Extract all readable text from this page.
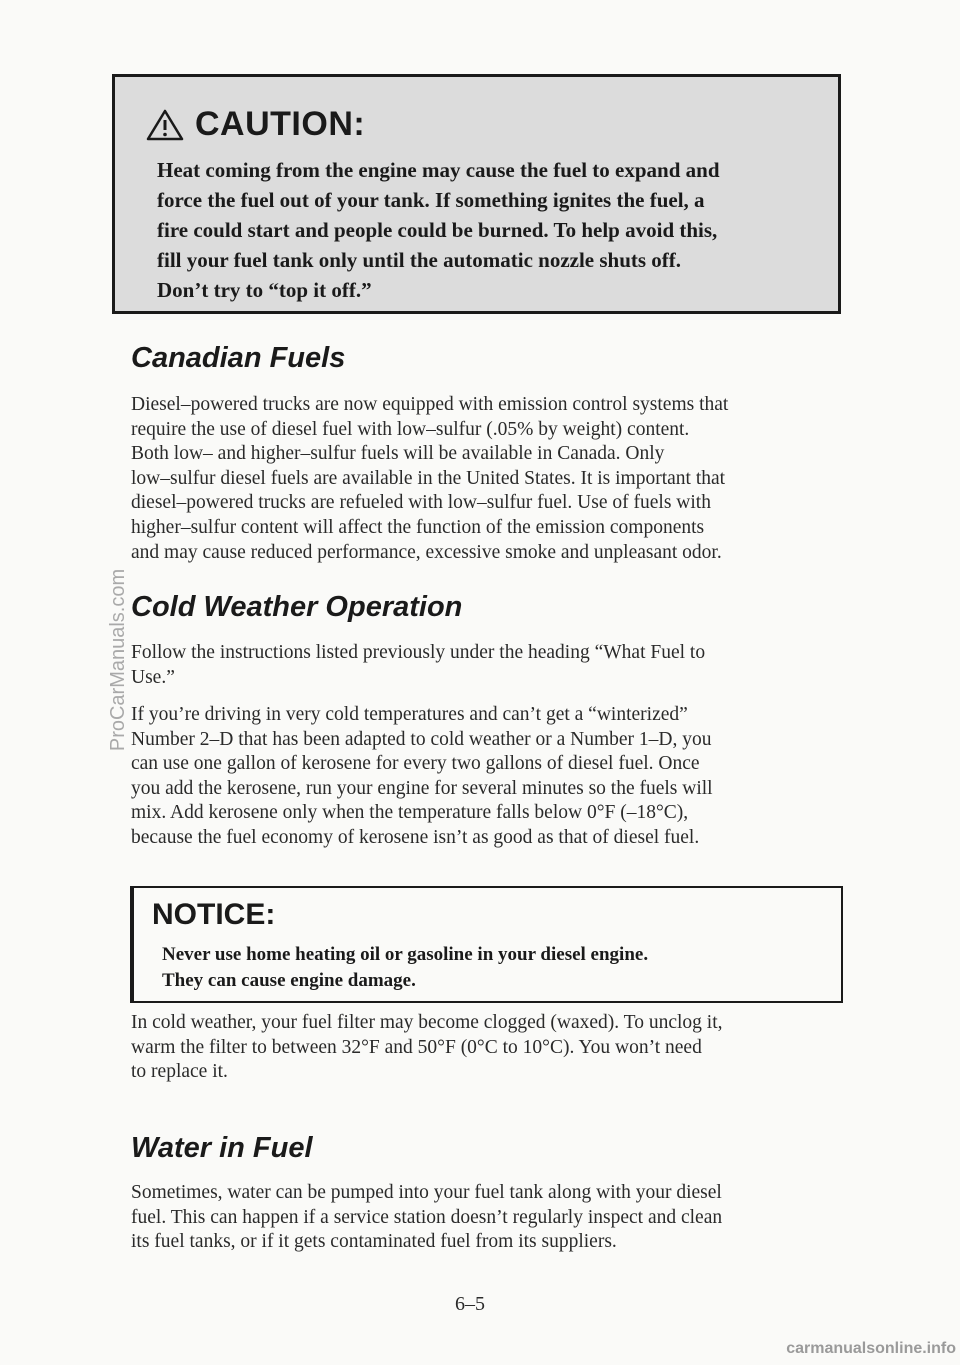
CAUTION:
Heat coming from the engine may cause the fuel to expand and
force the fuel out of your tank. If something ignites the fuel, a
fire could start and people could be burned. To help avoid this,
fill your fuel tank only until the automatic nozzle shuts off.
Don’t try to “top it off.”
Canadian Fuels
Diesel–powered trucks are now equipped with emission control systems that
require the use of diesel fuel with low–sulfur (.05% by weight) content.
Both low– and higher–sulfur fuels will be available in Canada. Only
low–sulfur diesel fuels are available in the United States. It is important that
diesel–powered trucks are refueled with low–sulfur fuel. Use of fuels with
higher–sulfur content will affect the function of the emission components
and may cause reduced performance, excessive smoke and unpleasant odor.
Cold Weather Operation
Follow the instructions listed previously under the heading “What Fuel to
Use.”
If you’re driving in very cold temperatures and can’t get a “winterized”
Number 2–D that has been adapted to cold weather or a Number 1–D, you
can use one gallon of kerosene for every two gallons of diesel fuel. Once
you add the kerosene, run your engine for several minutes so the fuels will
mix. Add kerosene only when the temperature falls below 0°F (–18°C),
because the fuel economy of kerosene isn’t as good as that of diesel fuel.
NOTICE:
Never use home heating oil or gasoline in your diesel engine.
They can cause engine damage.
In cold weather, your fuel filter may become clogged (waxed). To unclog it,
warm the filter to between 32°F and 50°F (0°C to 10°C). You won’t need
to replace it.
Water in Fuel
Sometimes, water can be pumped into your fuel tank along with your diesel
fuel. This can happen if a service station doesn’t regularly inspect and clean
its fuel tanks, or if it gets contaminated fuel from its suppliers.
6–5
ProCarManuals.com
carmanualsonline.info
